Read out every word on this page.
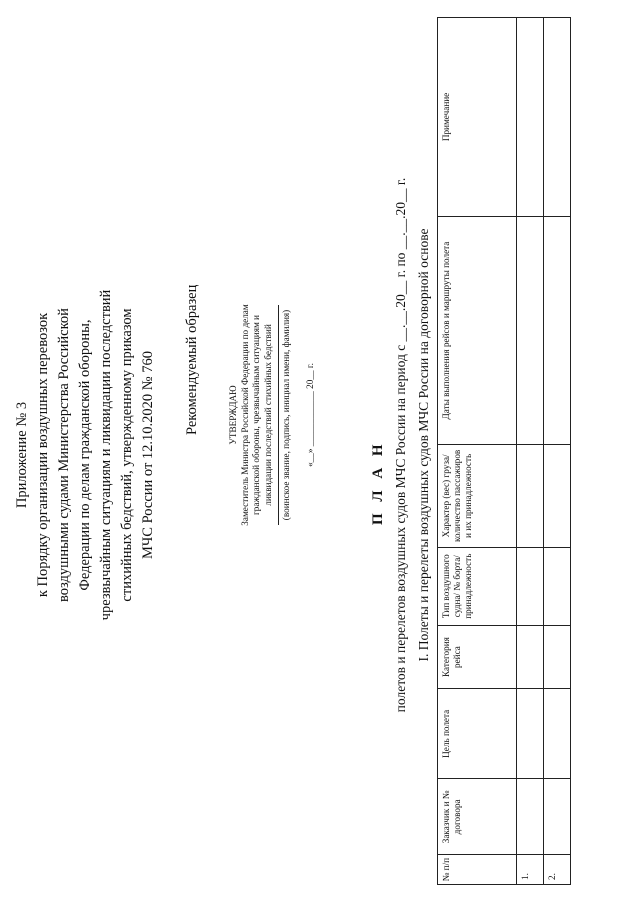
Приложение № 3 к Порядку организации воздушных перевозок воздушными судами Министерства Российской Федерации по делам гражданской обороны, чрезвычайным ситуациям и ликвидации последствий стихийных бедствий, утвержденному приказом МЧС России от 12.10.2020 № 760 Рекомендуемый образец	УТВЕРЖДАЮ Заместитель Министра Российской Федерации по делам гражданской обороны, чрезвычайным ситуациям и ликвидации последствий стихийных бедствий (воинское звание, подпись, инициал имени, фамилия) «__» ____________ 20__ г.
П Л А Н полетов и перелетов воздушных судов МЧС России на период с __.__.20__ г. по __.__.20__ г. I. Полеты и перелеты воздушных судов МЧС России на договорной основе
№ п/п	Заказчик и № договора	Цель полета	Категория рейса	Тип воздушного судна/ № борта/ принадлежность	Характер (вес) груза/количество пассажиров и их принадлежность	Даты выполнения рейсов и маршруты полета	Примечание
1.							
2.							
